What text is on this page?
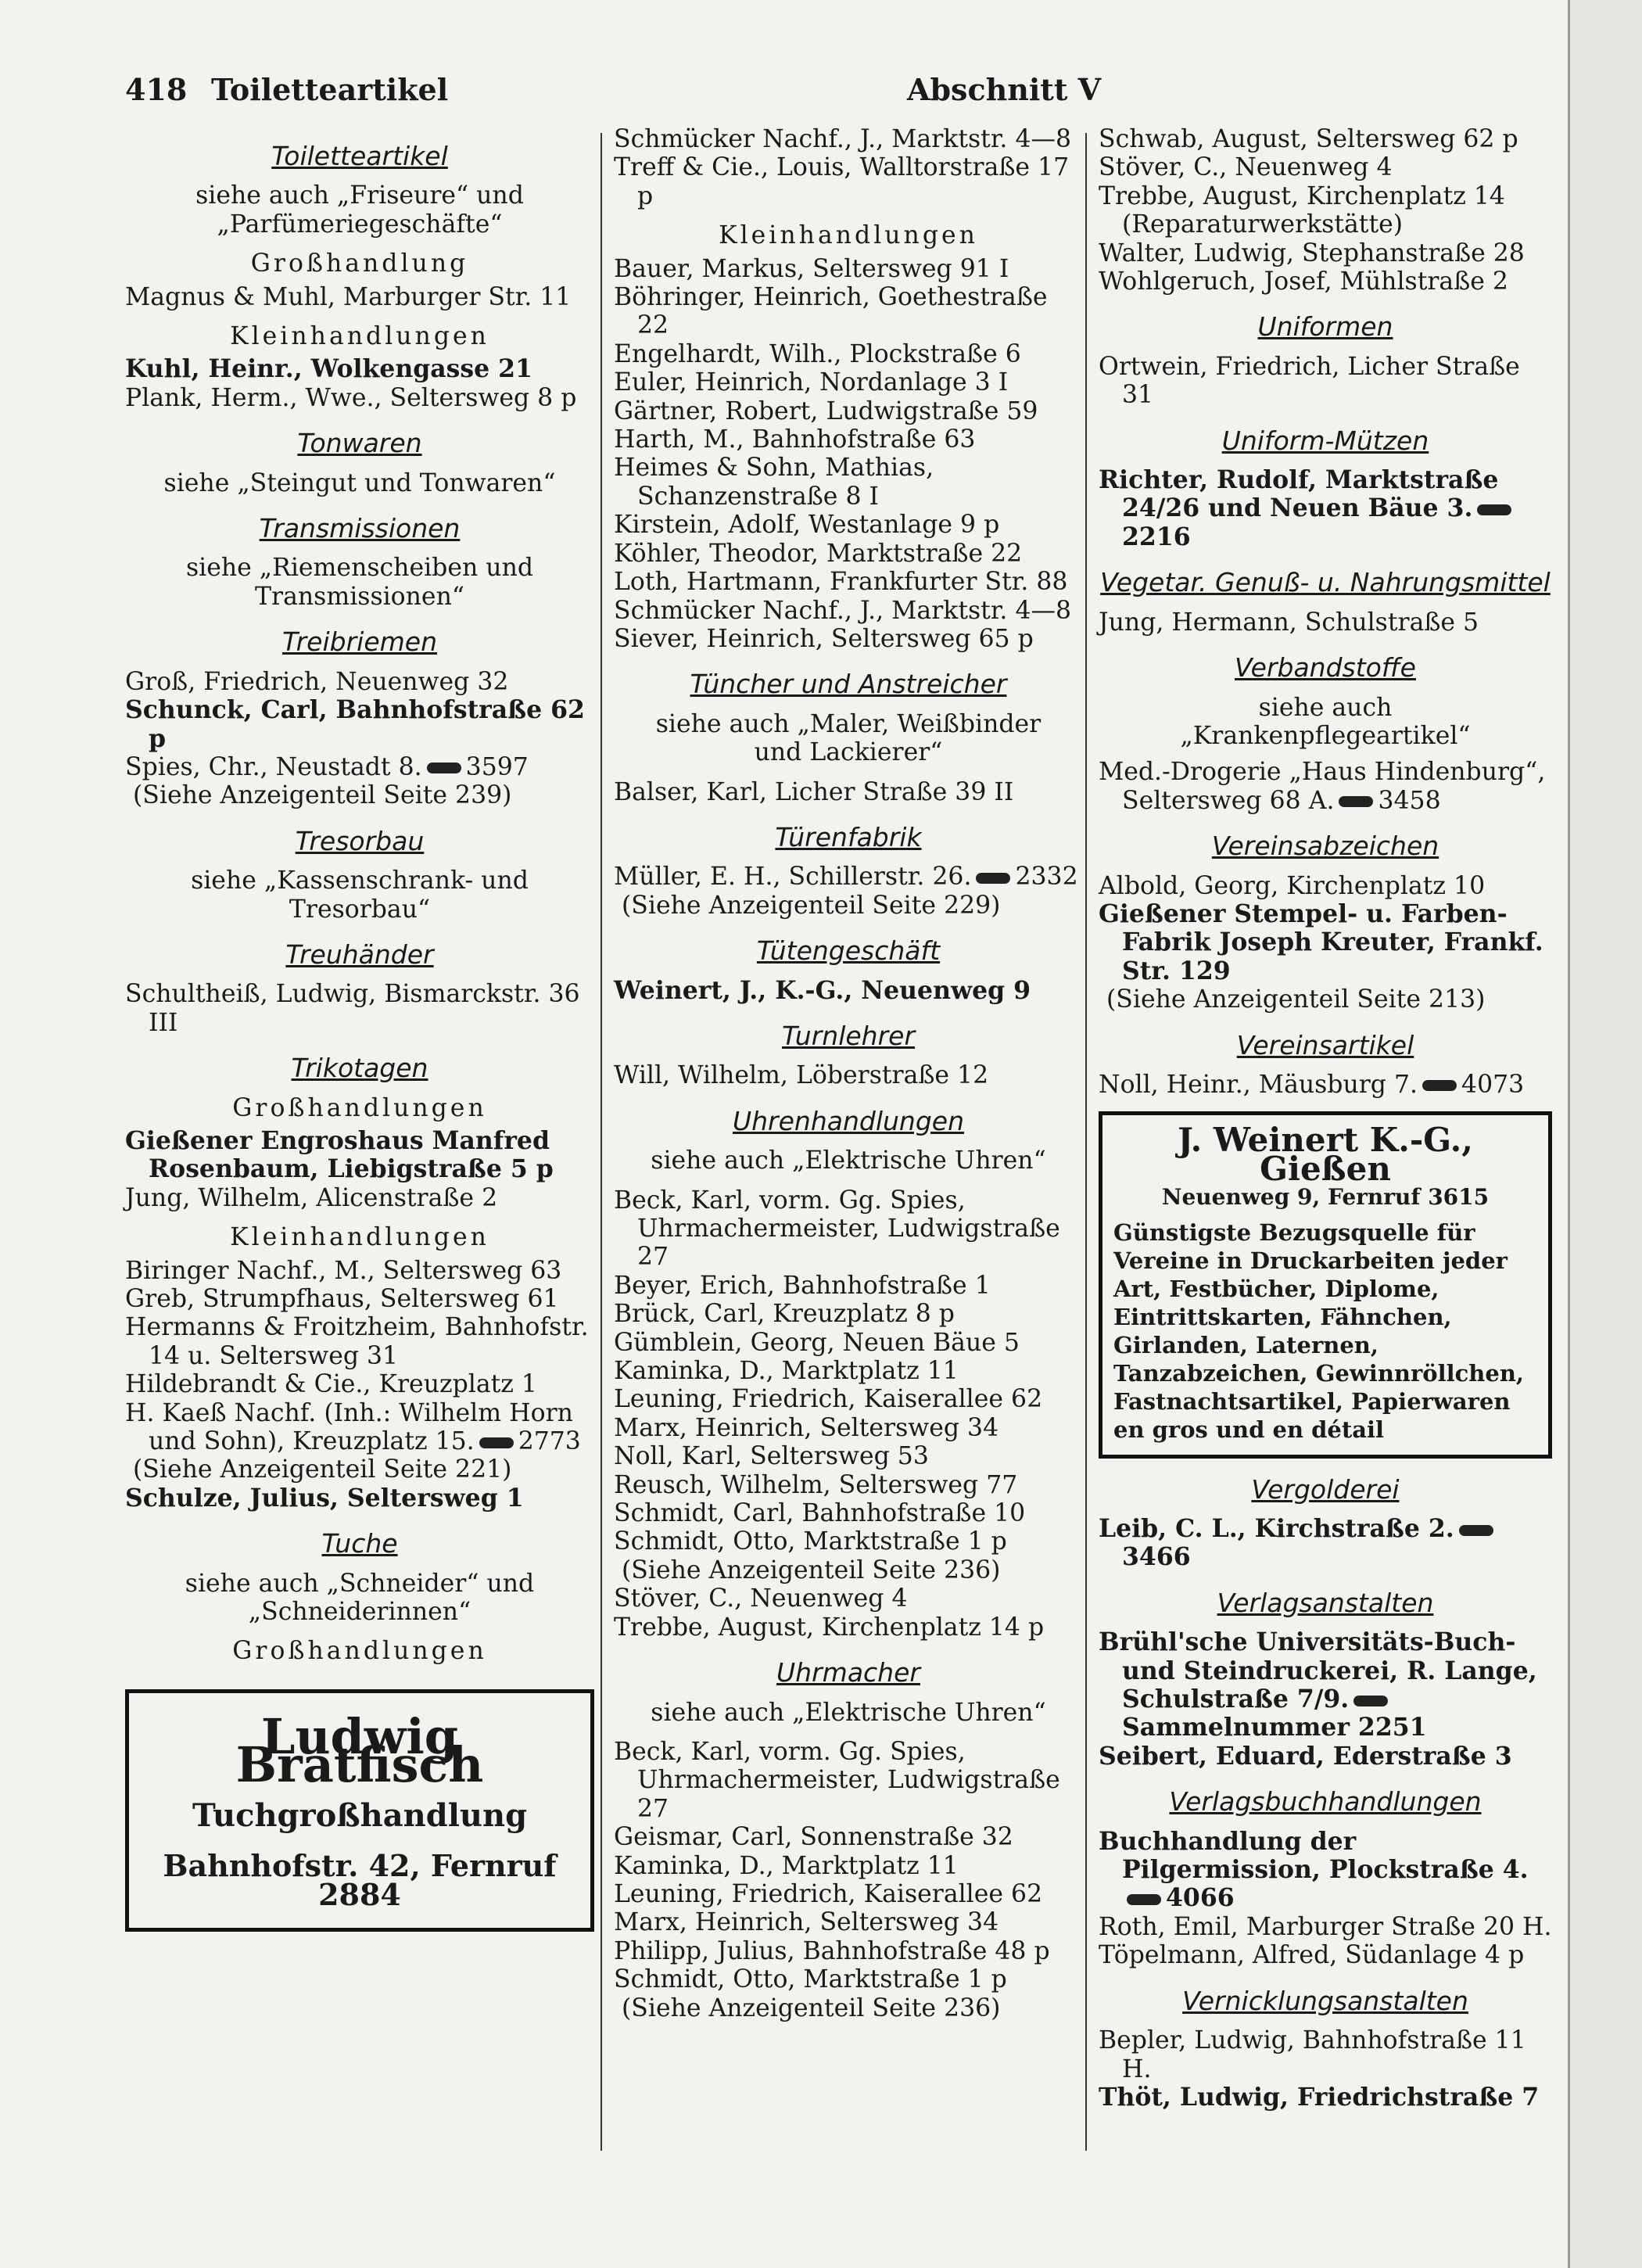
418 Toiletteartikel	Abschnitt V
Toiletteartikel
siehe auch „Friseure“ und „Parfümeriegeschäfte“
Großhandlung
Magnus & Muhl, Marburger Str. 11
Kleinhandlungen
Kuhl, Heinr., Wolkengasse 21
Plank, Herm., Wwe., Seltersweg 8 p
Tonwaren
siehe „Steingut und Tonwaren“
Transmissionen
siehe „Riemenscheiben und Transmissionen“
Treibriemen
Groß, Friedrich, Neuenweg 32
Schunck, Carl, Bahnhofstraße 62 p
Spies, Chr., Neustadt 8. 3597
(Siehe Anzeigenteil Seite 239)
Tresorbau
siehe „Kassenschrank- und Tresorbau“
Treuhänder
Schultheiß, Ludwig, Bismarckstr. 36 III
Trikotagen
Großhandlungen
Gießener Engroshaus Manfred Rosenbaum, Liebigstraße 5 p
Jung, Wilhelm, Alicenstraße 2
Kleinhandlungen
Biringer Nachf., M., Seltersweg 63
Greb, Strumpfhaus, Seltersweg 61
Hermanns & Froitzheim, Bahnhofstr. 14 u. Seltersweg 31
Hildebrandt & Cie., Kreuzplatz 1
H. Kaeß Nachf. (Inh.: Wilhelm Horn und Sohn), Kreuzplatz 15. 2773
(Siehe Anzeigenteil Seite 221)
Schulze, Julius, Seltersweg 1
Tuche
siehe auch „Schneider“ und „Schneiderinnen“
Großhandlungen
Ludwig Bratfisch
Tuchgroßhandlung
Bahnhofstr. 42, Fernruf 2884
Schmücker Nachf., J., Marktstr. 4—8
Treff & Cie., Louis, Walltorstraße 17 p
Kleinhandlungen
Bauer, Markus, Seltersweg 91 I
Böhringer, Heinrich, Goethestraße 22
Engelhardt, Wilh., Plockstraße 6
Euler, Heinrich, Nordanlage 3 I
Gärtner, Robert, Ludwigstraße 59
Harth, M., Bahnhofstraße 63
Heimes & Sohn, Mathias, Schanzenstraße 8 I
Kirstein, Adolf, Westanlage 9 p
Köhler, Theodor, Marktstraße 22
Loth, Hartmann, Frankfurter Str. 88
Schmücker Nachf., J., Marktstr. 4—8
Siever, Heinrich, Seltersweg 65 p
Tüncher und Anstreicher
siehe auch „Maler, Weißbinder und Lackierer“
Balser, Karl, Licher Straße 39 II
Türenfabrik
Müller, E. H., Schillerstr. 26. 2332
(Siehe Anzeigenteil Seite 229)
Tütengeschäft
Weinert, J., K.-G., Neuenweg 9
Turnlehrer
Will, Wilhelm, Löberstraße 12
Uhrenhandlungen
siehe auch „Elektrische Uhren“
Beck, Karl, vorm. Gg. Spies, Uhrmachermeister, Ludwigstraße 27
Beyer, Erich, Bahnhofstraße 1
Brück, Carl, Kreuzplatz 8 p
Gümblein, Georg, Neuen Bäue 5
Kaminka, D., Marktplatz 11
Leuning, Friedrich, Kaiserallee 62
Marx, Heinrich, Seltersweg 34
Noll, Karl, Seltersweg 53
Reusch, Wilhelm, Seltersweg 77
Schmidt, Carl, Bahnhofstraße 10
Schmidt, Otto, Marktstraße 1 p
(Siehe Anzeigenteil Seite 236)
Stöver, C., Neuenweg 4
Trebbe, August, Kirchenplatz 14 p
Uhrmacher
siehe auch „Elektrische Uhren“
Beck, Karl, vorm. Gg. Spies, Uhrmachermeister, Ludwigstraße 27
Geismar, Carl, Sonnenstraße 32
Kaminka, D., Marktplatz 11
Leuning, Friedrich, Kaiserallee 62
Marx, Heinrich, Seltersweg 34
Philipp, Julius, Bahnhofstraße 48 p
Schmidt, Otto, Marktstraße 1 p
(Siehe Anzeigenteil Seite 236)
Schwab, August, Seltersweg 62 p
Stöver, C., Neuenweg 4
Trebbe, August, Kirchenplatz 14 (Reparaturwerkstätte)
Walter, Ludwig, Stephanstraße 28
Wohlgeruch, Josef, Mühlstraße 2
Uniformen
Ortwein, Friedrich, Licher Straße 31
Uniform-Mützen
Richter, Rudolf, Marktstraße 24/26 und Neuen Bäue 3.2216
Vegetar. Genuß- u. Nahrungsmittel
Jung, Hermann, Schulstraße 5
Verbandstoffe
siehe auch „Krankenpflegeartikel“
Med.-Drogerie „Haus Hindenburg“, Seltersweg 68 A. 3458
Vereinsabzeichen
Albold, Georg, Kirchenplatz 10
Gießener Stempel- u. Farben-Fabrik Joseph Kreuter, Frankf. Str. 129
(Siehe Anzeigenteil Seite 213)
Vereinsartikel
Noll, Heinr., Mäusburg 7. 4073
J. Weinert K.-G., Gießen
Neuenweg 9, Fernruf 3615
Günstigste Bezugsquelle für Vereine in Druckarbeiten jeder Art, Festbücher, Diplome, Eintrittskarten, Fähnchen, Girlanden, Laternen, Tanzabzeichen, Gewinnröllchen, Fastnachtsartikel, Papierwaren en gros und en détail
Vergolderei
Leib, C. L., Kirchstraße 2.3466
Verlagsanstalten
Brühl'sche Universitäts-Buch- und Steindruckerei, R. Lange, Schulstraße 7/9.Sammelnummer 2251
Seibert, Eduard, Ederstraße 3
Verlagsbuchhandlungen
Buchhandlung der Pilgermission, Plockstraße 4.4066
Roth, Emil, Marburger Straße 20 H.
Töpelmann, Alfred, Südanlage 4 p
Vernicklungsanstalten
Bepler, Ludwig, Bahnhofstraße 11 H.
Thöt, Ludwig, Friedrichstraße 7
